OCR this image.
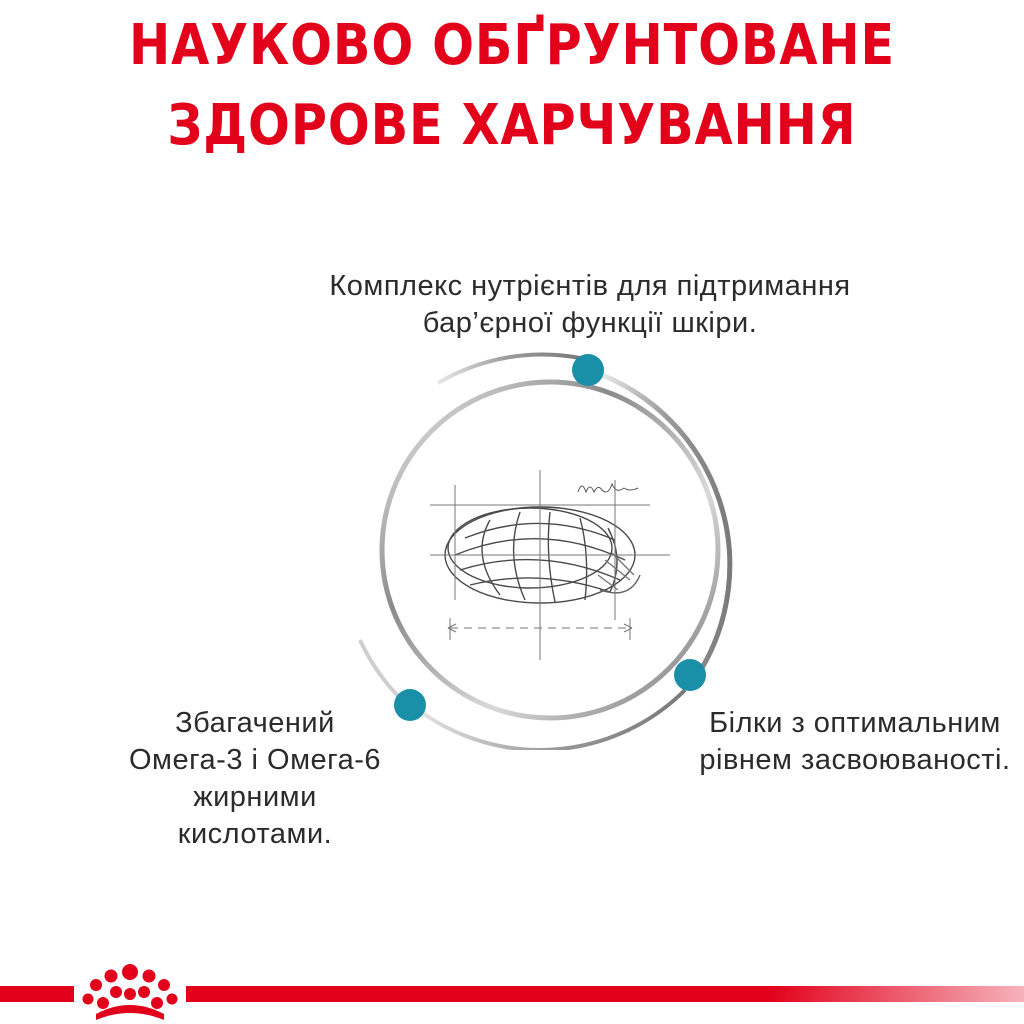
НАУКОВО ОБҐРУНТОВАНЕ
ЗДОРОВЕ ХАРЧУВАННЯ
Комплекс нутрієнтів для підтримання
бар’єрної функції шкіри.
Збагачений
Омега-3 і Омега-6
жирними
кислотами.
Білки з оптимальним
рівнем засвоюваності.
